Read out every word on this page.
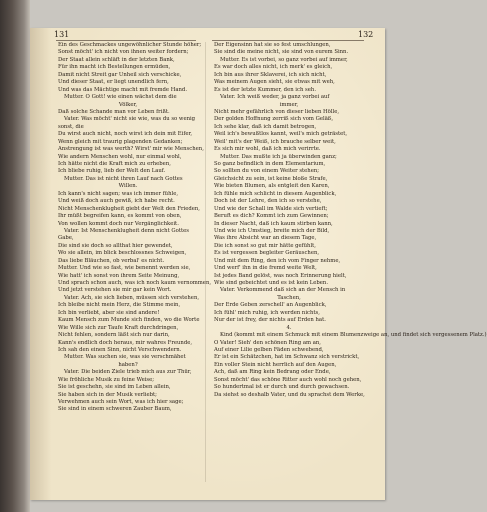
131	132
Ein des Geschmackes ungewöhnlicher Stunde höher;
Sonst möcht' ich nicht von ihnen weiter fordern;
Der Staat allein schläft in der letzten Bank,
Für ihn macht ich Bestellungen ermüden,
Damit nicht Streit gar Unheil sich verschicke,
Und dieser Staat, er liegt unendlich fern,
Und was das Mächtige macht mit fremde Hand.
Mutter. O Gott! wie einen wächst dem die
Völker,
Daß solche Schande man vor Leben frißt.
Vater. Was möcht' nicht sie wie, was du so wenig
sonst, die
Du wirst auch nicht, noch wirst ich dein mit Eifer,
Wenn gleich mit traurig plagenden Gedanken;
Anstrengung ist was werth? Wirst' mir wie Menschen,
Wie andern Menschen wohl, nur einmal wohl,
Ich hätte nicht die Kraft mich zu erheben,
Ich bliebe ruhig, lieb der Welt den Lauf.
Mutter. Das ist nicht ihren Lauf nach Gottes
Willen.
Ich kann's nicht sagen; was ich immer fühle,
Und weiß doch auch gewiß, ich habe recht.
Nicht Menschenklugheit giebt der Welt den Frieden,
Ihr müßt begreifen kann, es kommt von oben,
Von wollen kommt doch nur Vergänglichkeit.
Vater. Ist Menschenklugheit denn nicht Gottes
Gabe,
Die sind sie doch so allthat hier gewendet,
Wo sie allein, im blick beschlossnes Schweigen,
Das liebe Bläuchen, ob verbal' es nicht.
Mutter. Und wie so fast, wie benennt werden sie,
Wie hatt' ich sonst von ihrem Seite Meinung,
Und sprach schon auch, was ich noch kaum vernommen,
Und jetzt verstehen sie mir gar kein Wort.
Vater. Ach, sie sich lieben, müssen sich verstehen,
Ich bleibe nicht mein Herz, die Stimme mein,
Ich bin verliebt, aber sie sind andere!
Kaum Mensch zum Munde sich finden, wo die Worte
Wie Wille sich zur Taufe Kraft durchdringen,
Nicht fehlen, sondern läßt sich nur darin,
Kann's endlich doch heraus, mir wahres Freunde,
Ich sah den einen Sinn, nicht Verschwendern.
Mutter. Was suchen sie, was sie verschmähet
haben?
Vater. Die beiden Ziele trieb mich aus zur Thür,
Wie fröhliche Musik zu feine Weise;
Sie ist geschehn, sie sind im Leben allein,
Sie haben sich in der Musik verliebt;
Verwehmen auch sein Wort, was ich hier sage;
Sie sind in einem schweren Zauber Baum,
Der Eigensinn hat sie so fest umschlungen,
Sie sind die meine nicht, sie sind von eurem Sinn.
Mutter. Es ist vorbei, so ganz vorbei auf immer,
Es war doch alles nicht, ich merk' es gleich,
Ich bin aus ihrer Sklaverei, ich sich nicht,
Was meinem Augen sieht, sie etwas mit weh,
Es ist der letzte Kummer, den ich seh.
Vater. Ich weiß weder, ja ganz vorbei auf
immer,
Nicht mehr gefährlich von dieser lieben Hölle,
Der golden Hoffnung zerriß sich vom Geläß,
Ich sehe klar, daß ich damit betrogen,
Weil ich's bewußtlos kannt, weil's mich geträstet,
Weil' mit's der Weiß, ich brauche selber weit,
Es sich mir wohl, daß ich mich verirrte.
Mutter. Das mußte ich ja überwinden ganz;
So ganz befindlich in dem Elementarium,
So sollten du von einem Weiter stehen;
Gleichsicht zu sein, ist keine bloße Strafe,
Wie bieten Blumen, als entgleit den Karen,
Ich fühle mich schlicht in diesem Augenblick,
Doch ist der Lehre, den ich so verstehe,
Und wie der Schall im Walde sich vertieft;
Beruft es dich? Kommt ich zum Gewinnen;
In dieser Nacht, daß ich kaum stirben kann,
Und wie ich Umstieg, breite mich der Bild,
Was ihre Absicht war an diesem Tage,
Die ich sonst so gut mir hätte gefühlt,
Es ist vergessen begleiter Geräuschen,
Und mit dem Ring, den ich vom Finger nehme,
Und werf' ihn in die fremd weite Welt,
Ist jedes Band gelöst, was noch Erinnerung hielt,
Wie sind gebeichtet und es ist kein Leben.
Vater. Verkommend daß sich an der Mensch in
Taschen,
Der Erde Geben zerschell' an Augenblick,
Ich fühl' mich ruhig, ich werden nichts,
Nur der ist frey, der nichts auf Erden hat.
4.
Kind (kommt mit einem Schmuck mit einem Blumenzweige an, und findet sich vergessenem Platz.)
O Vater! Sieh' den schönen Ring am an,
Auf einer Lilie gelben Fäden schwebend,
Er ist ein Schätzchen, hat im Schwanz sich verstrickt,
Ein voller Stein nicht herrlich auf den Augen,
Ach, daß am Ring kein Bedrang oder Ende,
Sonst möcht' das schöne Ritter auch wohl noch gehen,
So hundertmal ist er durch und durch gewachsen.
Da siehst so deshalb Vater, und du sprachst dem Werke,
